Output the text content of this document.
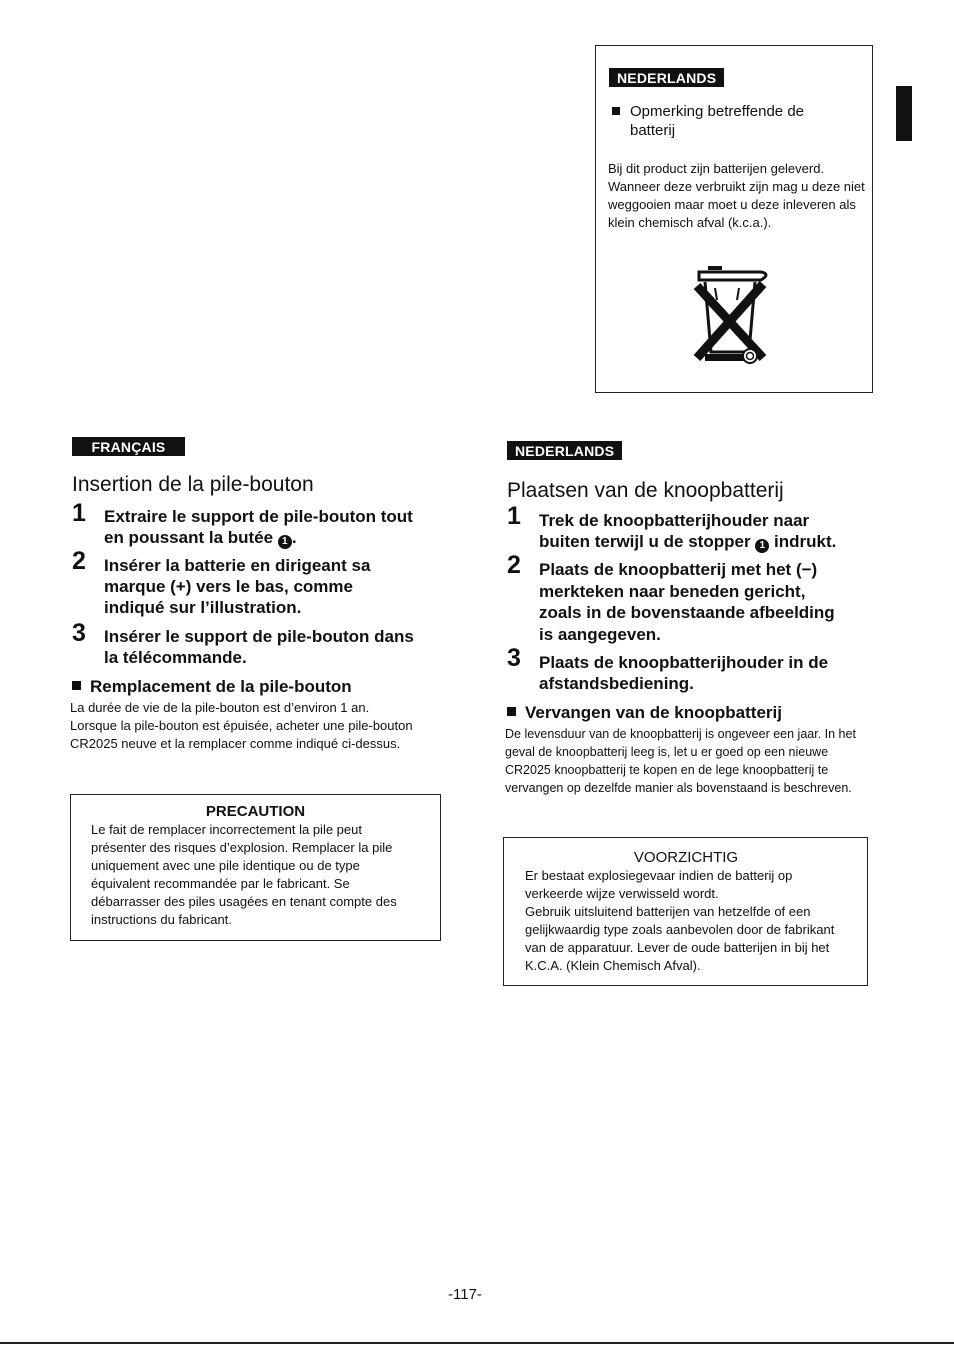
NEDERLANDS
Opmerking betreffende de
batterij
Bij dit product zijn batterijen geleverd. Wanneer deze verbruikt zijn mag u deze niet weggooien maar moet u deze inleveren als klein chemisch afval (k.c.a.).
FRANÇAIS
Insertion de la pile-bouton
1 Extraire le support de pile-bouton tout
en poussant la butée 1 .
2 Insérer la batterie en dirigeant sa
marque (+) vers le bas, comme
indiqué sur l’illustration.
3 Insérer le support de pile-bouton dans
la télécommande.
Remplacement de la pile-bouton
La durée de vie de la pile-bouton est d’environ 1 an. Lorsque la pile-bouton est épuisée, acheter une pile-bouton CR2025 neuve et la remplacer comme indiqué ci-dessus.
PRECAUTION
Le fait de remplacer incorrectement la pile peut présenter des risques d’explosion. Remplacer la pile uniquement avec une pile identique ou de type équivalent recommandée par le fabricant. Se débarrasser des piles usagées en tenant compte des instructions du fabricant.
NEDERLANDS
Plaatsen van de knoopbatterij
1 Trek de knoopbatterijhouder naar
buiten terwijl u de stopper 1 indrukt.
2 Plaats de knoopbatterij met het (−)
merkteken naar beneden gericht,
zoals in de bovenstaande afbeelding
is aangegeven.
3 Plaats de knoopbatterijhouder in de
afstandsbediening.
Vervangen van de knoopbatterij
De levensduur van de knoopbatterij is ongeveer een jaar. In het geval de knoopbatterij leeg is, let u er goed op een nieuwe CR2025 knoopbatterij te kopen en de lege knoopbatterij te vervangen op dezelfde manier als bovenstaand is beschreven.
VOORZICHTIG
Er bestaat explosiegevaar indien de batterij op verkeerde wijze verwisseld wordt.
Gebruik uitsluitend batterijen van hetzelfde of een gelijkwaardig type zoals aanbevolen door de fabrikant van de apparatuur. Lever de oude batterijen in bij het K.C.A. (Klein Chemisch Afval).
-117-
